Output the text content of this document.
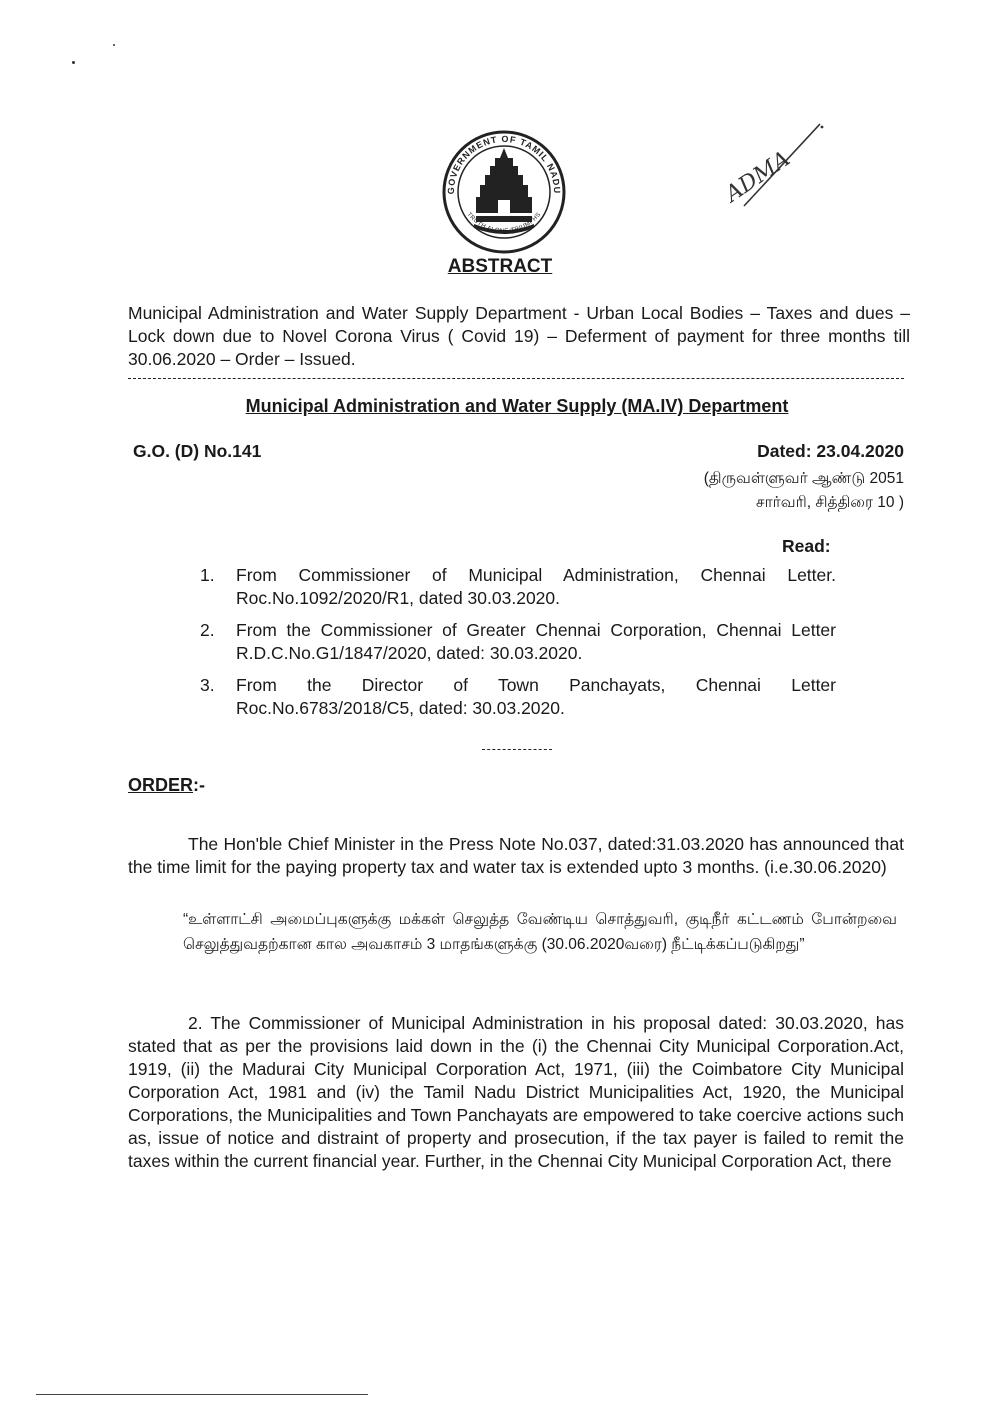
GOVERNMENT OF TAMIL NADU
TRUTH ALONE TRIUMPHS
ADMA
ABSTRACT
Municipal Administration and Water Supply Department - Urban Local Bodies – Taxes and dues – Lock down due to Novel Corona Virus ( Covid 19) – Deferment of payment for three months till 30.06.2020 – Order – Issued.
Municipal Administration and Water Supply (MA.IV) Department
G.O. (D) No.141	Dated: 23.04.2020
(திருவள்ளுவர் ஆண்டு 2051
சார்வரி, சித்திரை 10 )
Read:
1.	From Commissioner of Municipal Administration, Chennai Letter. Roc.No.1092/2020/R1, dated 30.03.2020.
2.	From the Commissioner of Greater Chennai Corporation, Chennai Letter R.D.C.No.G1/1847/2020, dated: 30.03.2020.
3.	From the Director of Town Panchayats, Chennai Letter Roc.No.6783/2018/C5, dated: 30.03.2020.
ORDER:-
The Hon'ble Chief Minister in the Press Note No.037, dated:31.03.2020 has announced that the time limit for the paying property tax and water tax is extended upto 3 months. (i.e.30.06.2020)
“உள்ளாட்சி அமைப்புகளுக்கு மக்கள் செலுத்த வேண்டிய சொத்துவரி, குடிநீர் கட்டணம் போன்றவை செலுத்துவதற்கான கால அவகாசம் 3 மாதங்களுக்கு (30.06.2020வரை) நீட்டிக்கப்படுகிறது”
2. The Commissioner of Municipal Administration in his proposal dated: 30.03.2020, has stated that as per the provisions laid down in the (i) the Chennai City Municipal Corporation.Act, 1919, (ii) the Madurai City Municipal Corporation Act, 1971, (iii) the Coimbatore City Municipal Corporation Act, 1981 and (iv) the Tamil Nadu District Municipalities Act, 1920, the Municipal Corporations, the Municipalities and Town Panchayats are empowered to take coercive actions such as, issue of notice and distraint of property and prosecution, if the tax payer is failed to remit the taxes within the current financial year. Further, in the Chennai City Municipal Corporation Act, there
